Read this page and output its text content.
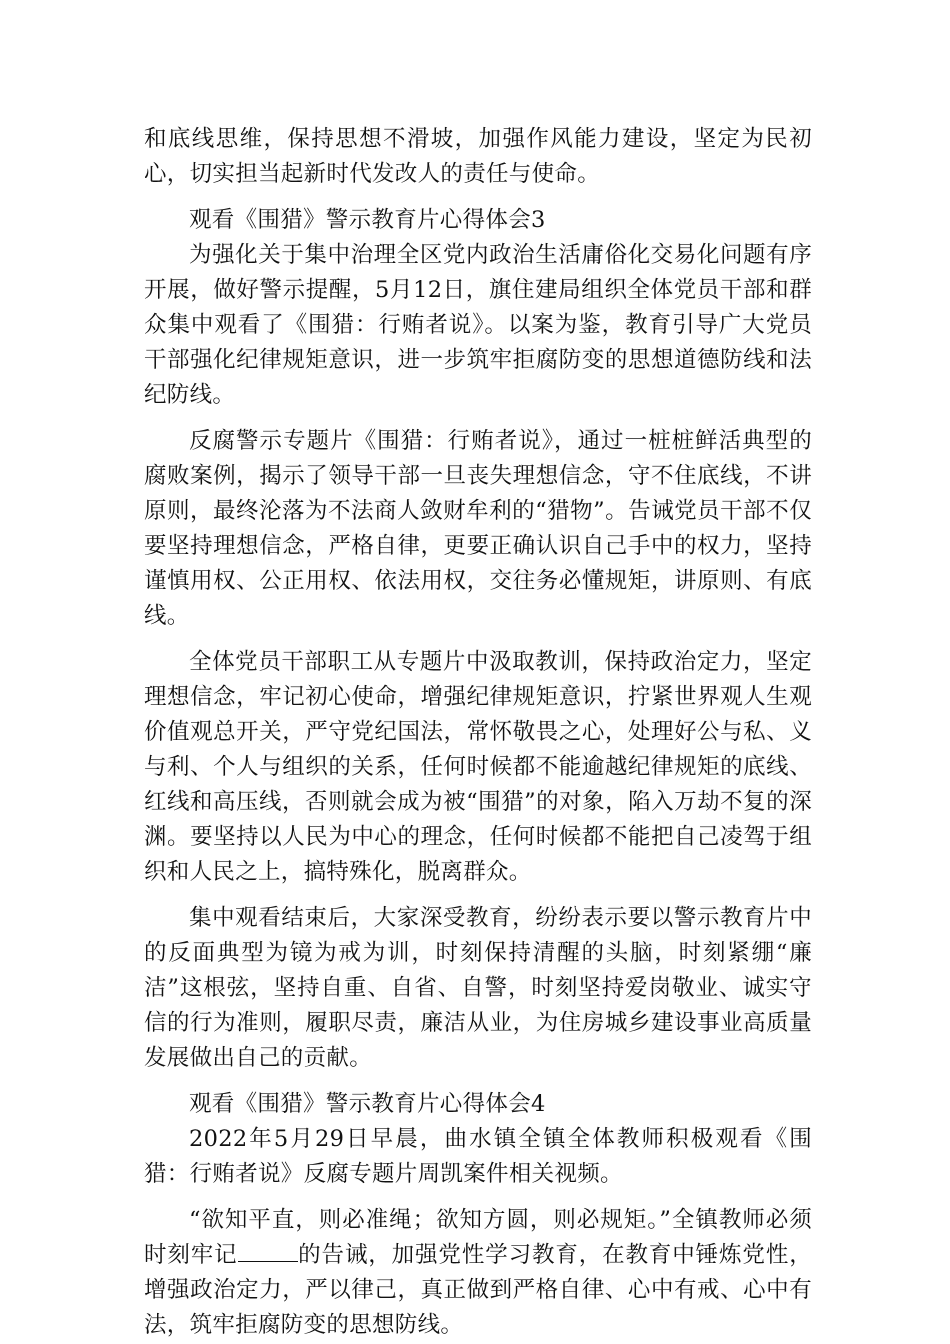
和底线思维，保持思想不滑坡，加强作风能力建设，坚定为民初心，切实担当起新时代发改人的责任与使命。

观看《围猎》警示教育片心得体会3

为强化关于集中治理全区党内政治生活庸俗化交易化问题有序开展，做好警示提醒，5月12日，旗住建局组织全体党员干部和群众集中观看了《围猎：行贿者说》。以案为鉴，教育引导广大党员干部强化纪律规矩意识，进一步筑牢拒腐防变的思想道德防线和法纪防线。

反腐警示专题片《围猎：行贿者说》，通过一桩桩鲜活典型的腐败案例，揭示了领导干部一旦丧失理想信念，守不住底线，不讲原则，最终沦落为不法商人敛财牟利的“猎物”。告诫党员干部不仅要坚持理想信念，严格自律，更要正确认识自己手中的权力，坚持谨慎用权、公正用权、依法用权，交往务必懂规矩，讲原则、有底线。

全体党员干部职工从专题片中汲取教训，保持政治定力，坚定理想信念，牢记初心使命，增强纪律规矩意识，拧紧世界观人生观价值观总开关，严守党纪国法，常怀敬畏之心，处理好公与私、义与利、个人与组织的关系，任何时候都不能逾越纪律规矩的底线、红线和高压线，否则就会成为被“围猎”的对象，陷入万劫不复的深渊。要坚持以人民为中心的理念，任何时候都不能把自己凌驾于组织和人民之上，搞特殊化，脱离群众。

集中观看结束后，大家深受教育，纷纷表示要以警示教育片中的反面典型为镜为戒为训，时刻保持清醒的头脑，时刻紧绷“廉洁”这根弦，坚持自重、自省、自警，时刻坚持爱岗敬业、诚实守信的行为准则，履职尽责，廉洁从业，为住房城乡建设事业高质量发展做出自己的贡献。

观看《围猎》警示教育片心得体会4

2022年5月29日早晨，曲水镇全镇全体教师积极观看《围猎：行贿者说》反腐专题片周凯案件相关视频。

“欲知平直，则必准绳；欲知方圆，则必规矩。”全镇教师必须时刻牢记	的告诫，加强党性学习教育，在教育中锤炼党性，增强政治定力，严以律己，真正做到严格自律、心中有戒、心中有法，筑牢拒腐防变的思想防线。
